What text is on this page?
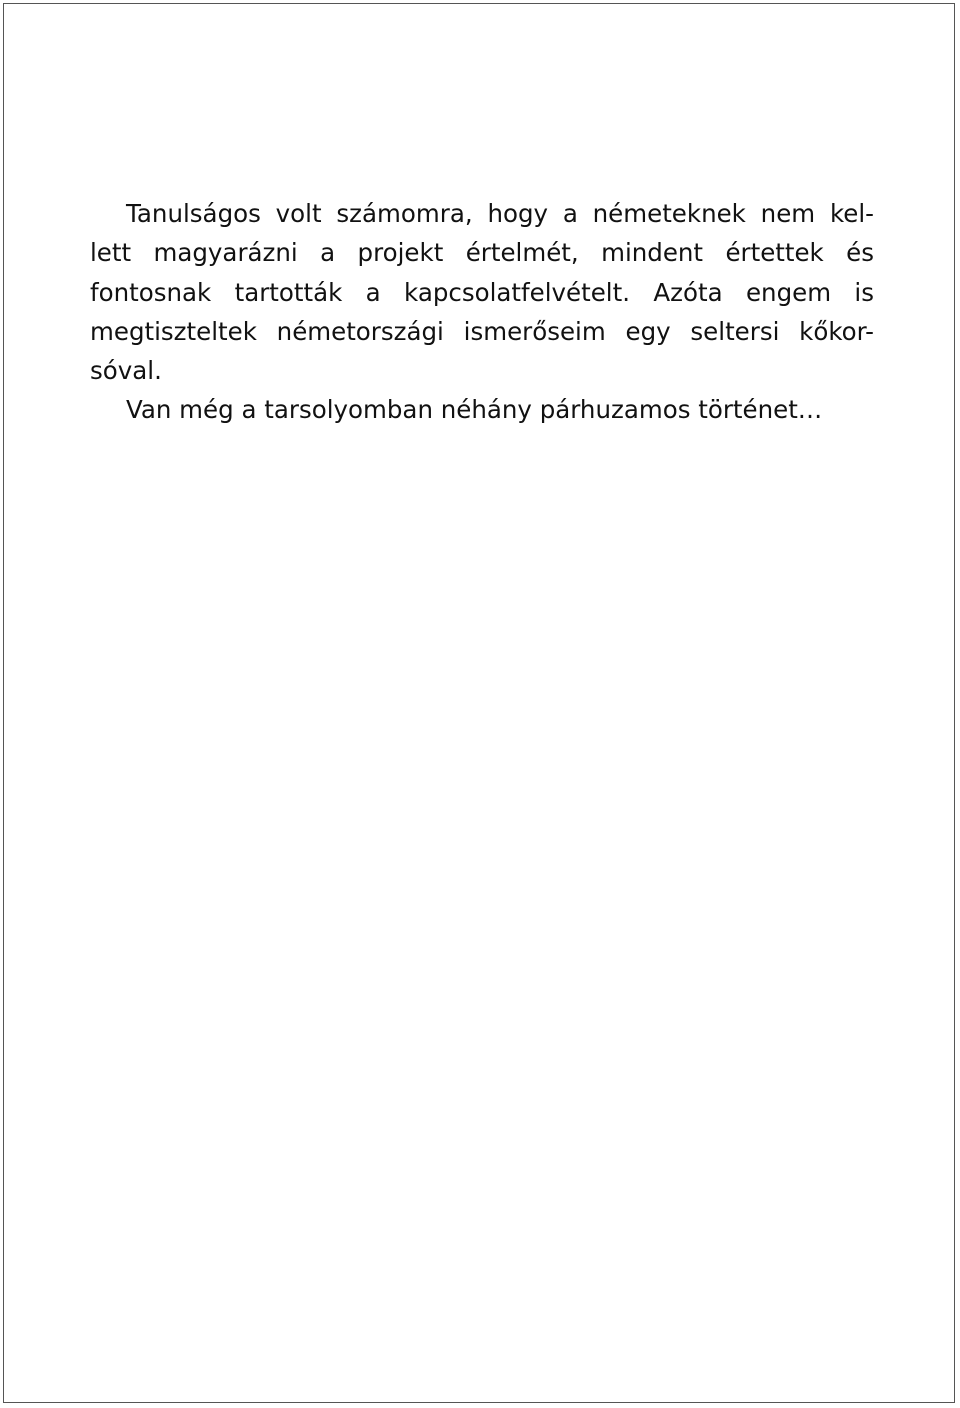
Tanulságos volt számomra, hogy a németeknek nem kel-
lett magyarázni a projekt értelmét, mindent értettek és
fontosnak tartották a kapcsolatfelvételt. Azóta engem is
megtiszteltek németországi ismerőseim egy seltersi kőkor-
sóval.

Van még a tarsolyomban néhány párhuzamos történet…
